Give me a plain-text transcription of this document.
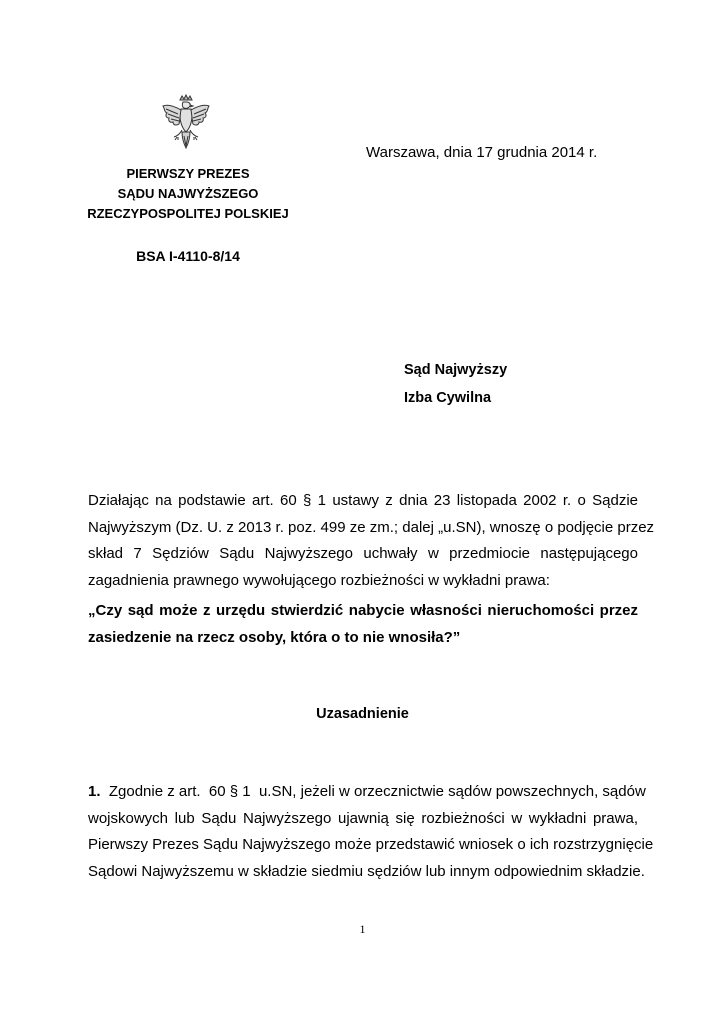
PIERWSZY PREZES
SĄDU NAJWYŻSZEGO
RZECZYPOSPOLITEJ POLSKIEJ
BSA I-4110-8/14
Warszawa, dnia 17 grudnia 2014 r.
Sąd Najwyższy
Izba Cywilna
Działając na podstawie art. 60 § 1 ustawy z dnia 23 listopada 2002 r. o Sądzie
Najwyższym (Dz. U. z 2013 r. poz. 499 ze zm.; dalej „u.SN), wnoszę o podjęcie przez
skład 7 Sędziów Sądu Najwyższego uchwały w przedmiocie następującego
zagadnienia prawnego wywołującego rozbieżności w wykładni prawa:
„Czy sąd może z urzędu stwierdzić nabycie własności nieruchomości przez
zasiedzenie na rzecz osoby, która o to nie wnosiła?”
Uzasadnienie
1.  Zgodnie z art.  60 § 1  u.SN, jeżeli w orzecznictwie sądów powszechnych, sądów
wojskowych lub Sądu Najwyższego ujawnią się rozbieżności w wykładni prawa,
Pierwszy Prezes Sądu Najwyższego może przedstawić wniosek o ich rozstrzygnięcie
Sądowi Najwyższemu w składzie siedmiu sędziów lub innym odpowiednim składzie.
1
